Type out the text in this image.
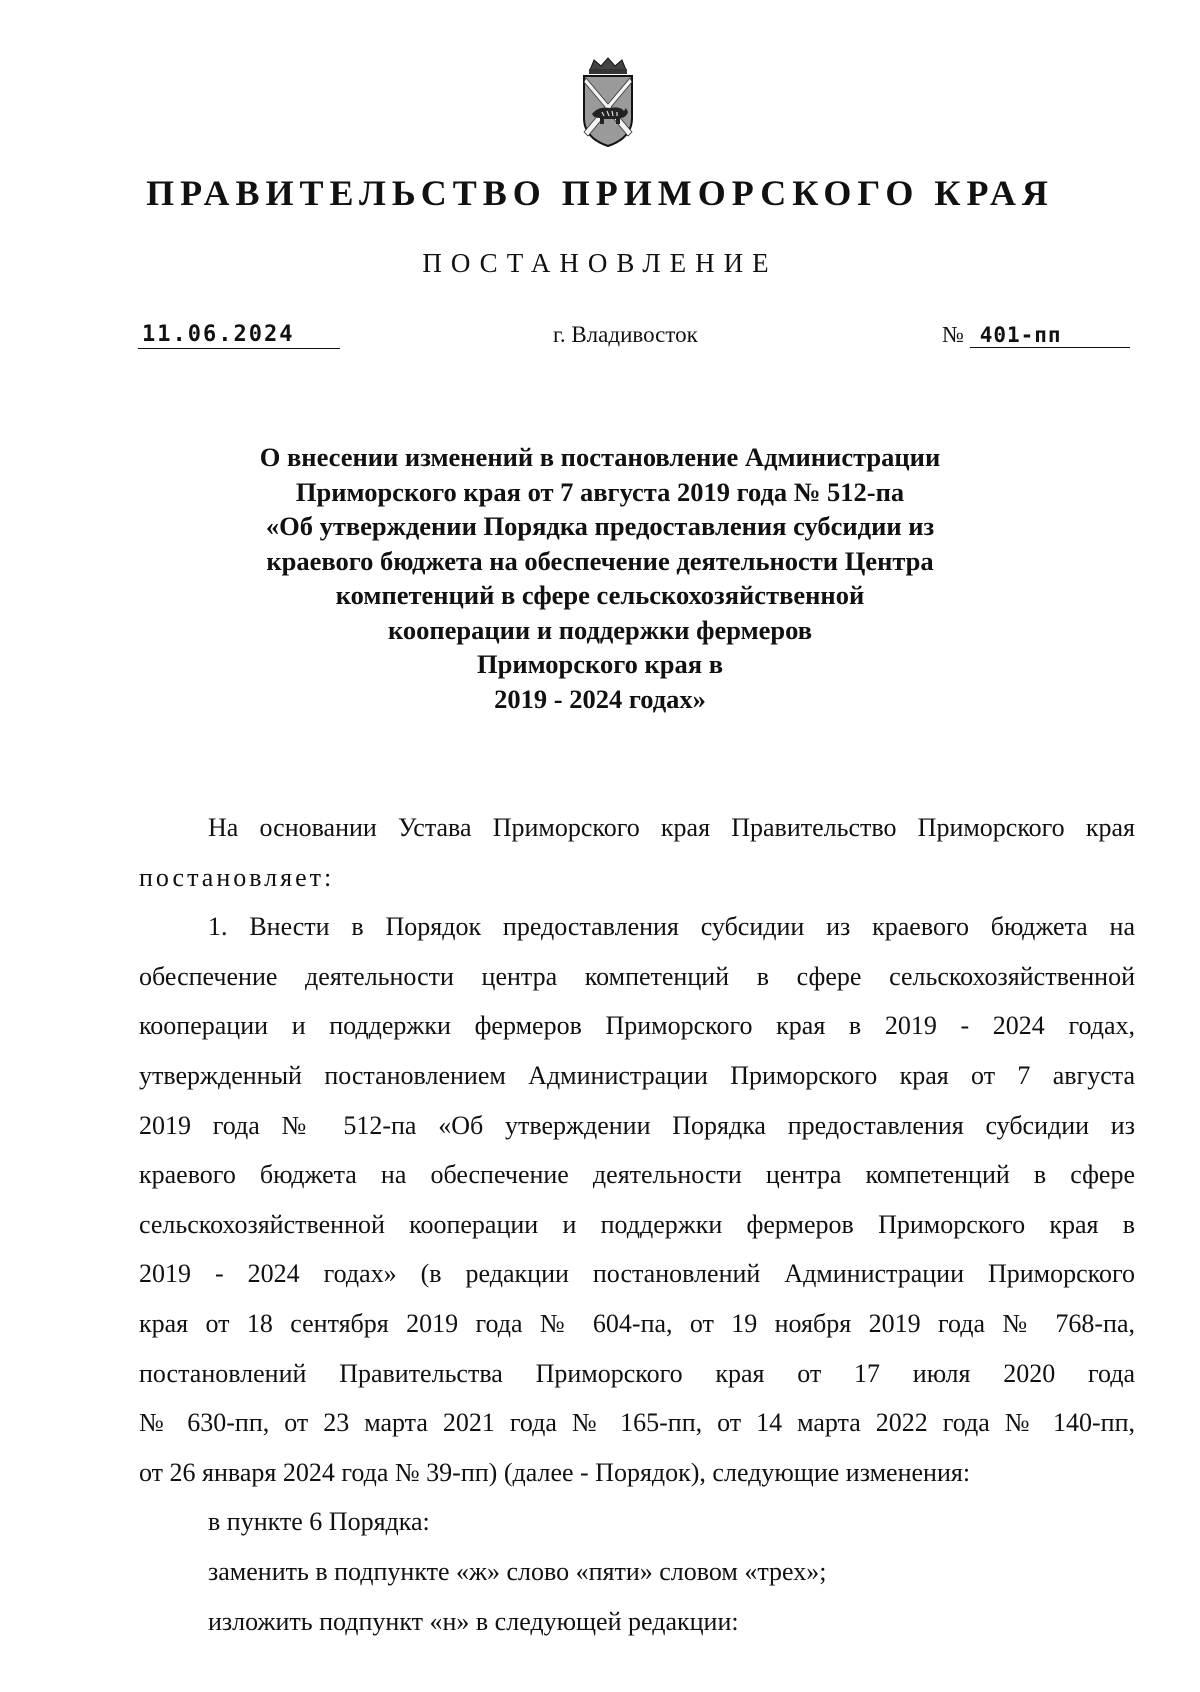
ПРАВИТЕЛЬСТВО ПРИМОРСКОГО КРАЯ
ПОСТАНОВЛЕНИЕ
11.06.2024	г. Владивосток	№ 401-пп
О внесении изменений в постановление Администрации
Приморского края от 7 августа 2019 года № 512-па
«Об утверждении Порядка предоставления субсидии из
краевого бюджета на обеспечение деятельности Центра
компетенций в сфере сельскохозяйственной
кооперации и поддержки фермеров
Приморского края в
2019 - 2024 годах»
На основании Устава Приморского края Правительство Приморского края
постановляет:
1. Внести в Порядок предоставления субсидии из краевого бюджета на
обеспечение деятельности центра компетенций в сфере сельскохозяйственной
кооперации и поддержки фермеров Приморского края в 2019 - 2024 годах,
утвержденный постановлением Администрации Приморского края от 7 августа
2019 года № 512-па «Об утверждении Порядка предоставления субсидии из
краевого бюджета на обеспечение деятельности центра компетенций в сфере
сельскохозяйственной кооперации и поддержки фермеров Приморского края в
2019 - 2024 годах» (в редакции постановлений Администрации Приморского
края от 18 сентября 2019 года № 604-па, от 19 ноября 2019 года № 768-па,
постановлений Правительства Приморского края от 17 июля 2020 года
№ 630-пп, от 23 марта 2021 года № 165-пп, от 14 марта 2022 года № 140-пп,
от 26 января 2024 года № 39-пп) (далее - Порядок), следующие изменения:
в пункте 6 Порядка:
заменить в подпункте «ж» слово «пяти» словом «трех»;
изложить подпункт «н» в следующей редакции:
